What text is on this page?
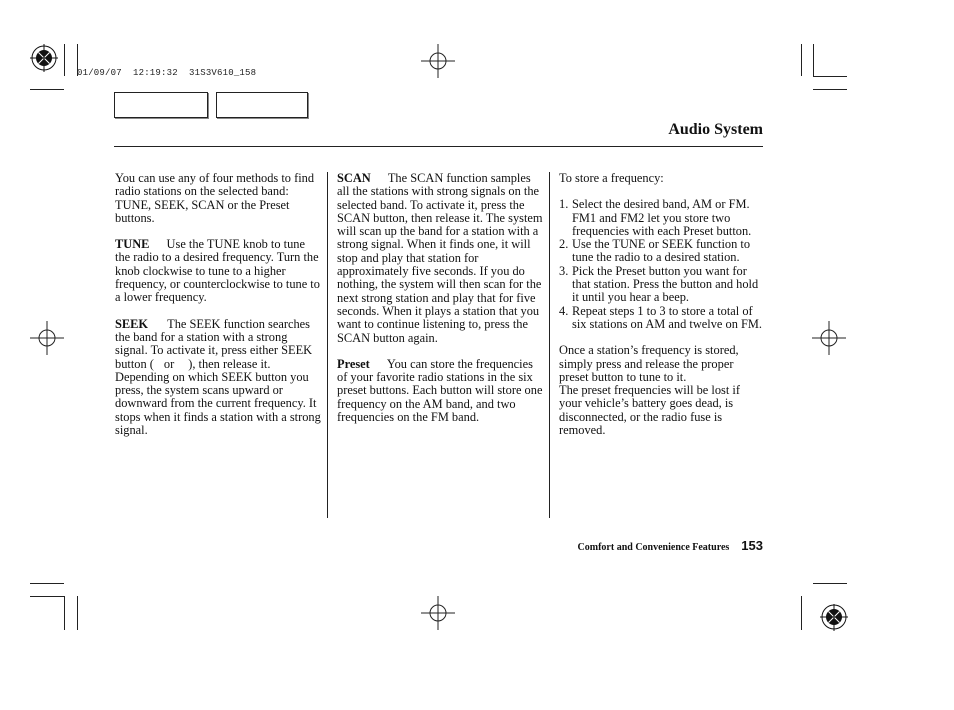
01/09/07  12:19:32  31S3V610_158
Audio System

You can use any of four methods to find radio stations on the selected band: TUNE, SEEK, SCAN or the Preset buttons.

TUNE Use the TUNE knob to tune the radio to a desired frequency. Turn the knob clockwise to tune to a higher frequency, or counterclockwise to tune to a lower frequency.

SEEK The SEEK function searches the band for a station with a strong signal. To activate it, press either SEEK button ( or ), then release it. Depending on which SEEK button you press, the system scans upward or downward from the current frequency. It stops when it finds a station with a strong signal.

SCAN The SCAN function samples all the stations with strong signals on the selected band. To activate it, press the SCAN button, then release it. The system will scan up the band for a station with a strong signal. When it finds one, it will stop and play that station for approximately five seconds. If you do nothing, the system will then scan for the next strong station and play that for five seconds. When it plays a station that you want to continue listening to, press the SCAN button again.

Preset You can store the frequencies of your favorite radio stations in the six preset buttons. Each button will store one frequency on the AM band, and two frequencies on the FM band.

To store a frequency:

1. Select the desired band, AM or FM. FM1 and FM2 let you store two frequencies with each Preset button.
2. Use the TUNE or SEEK function to tune the radio to a desired station.
3. Pick the Preset button you want for that station. Press the button and hold it until you hear a beep.
4. Repeat steps 1 to 3 to store a total of six stations on AM and twelve on FM.

Once a station’s frequency is stored, simply press and release the proper preset button to tune to it.

The preset frequencies will be lost if your vehicle’s battery goes dead, is disconnected, or the radio fuse is removed.

Comfort and Convenience Features 153
